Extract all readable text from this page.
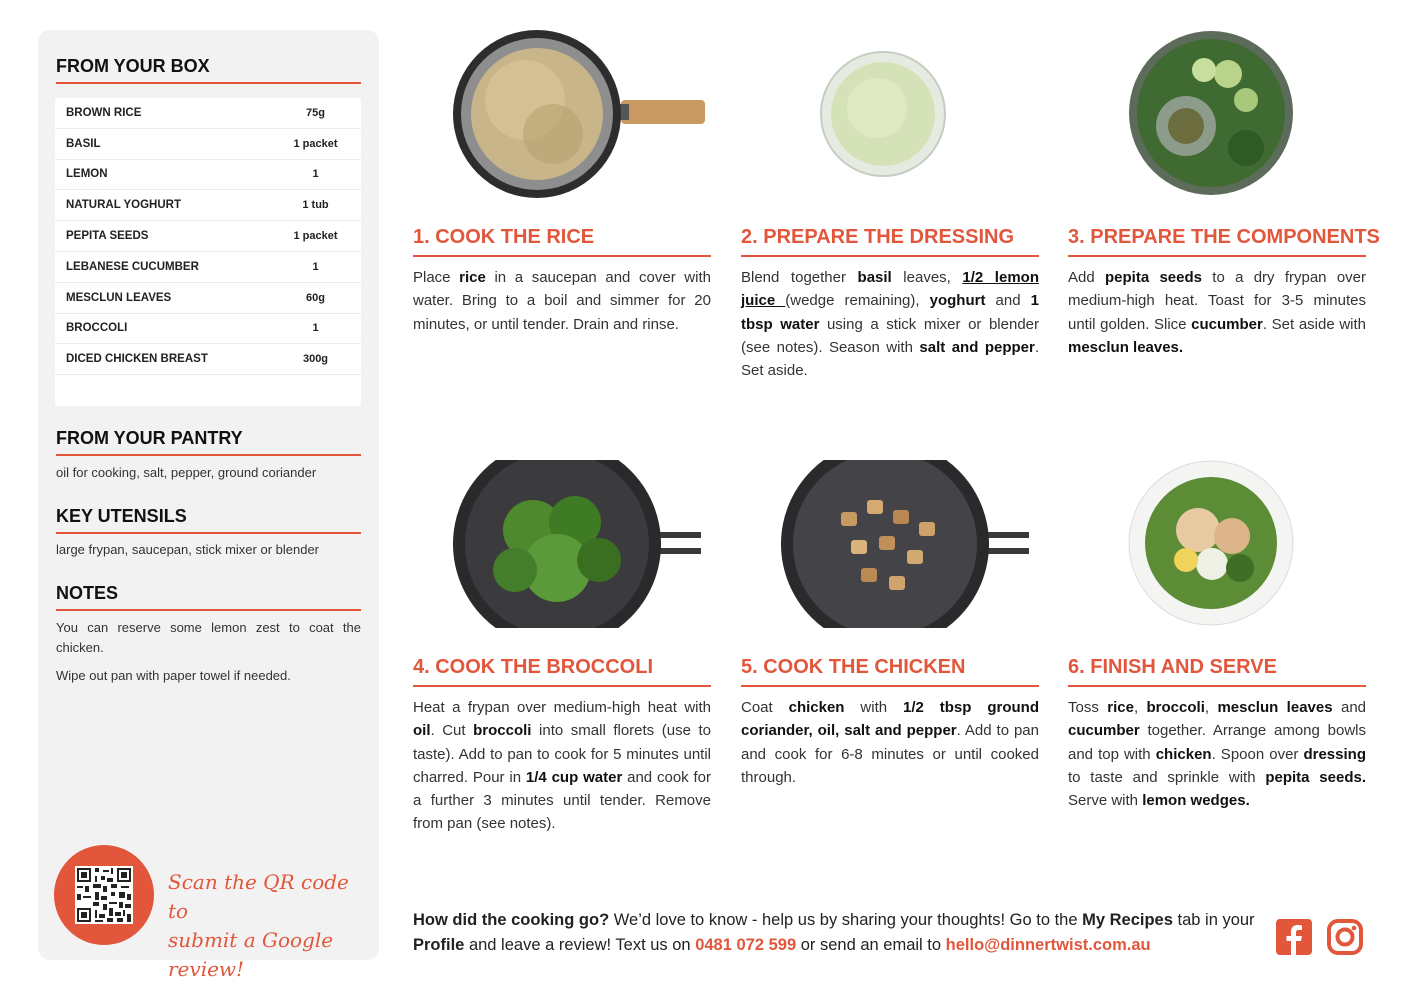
FROM YOUR BOX
BROWN RICE	75g
BASIL	1 packet
LEMON	1
NATURAL YOGHURT	1 tub
PEPITA SEEDS	1 packet
LEBANESE CUCUMBER	1
MESCLUN LEAVES	60g
BROCCOLI	1
DICED CHICKEN BREAST	300g
FROM YOUR PANTRY
oil for cooking, salt, pepper, ground coriander
KEY UTENSILS
large frypan, saucepan, stick mixer or blender
NOTES
You can reserve some lemon zest to coat the chicken.
Wipe out pan with paper towel if needed.
Scan the QR code to
submit a Google review!
1. COOK THE RICE
Place rice in a saucepan and cover with water. Bring to a boil and simmer for 20 minutes, or until tender. Drain and rinse.
2. PREPARE THE DRESSING
Blend together basil leaves, 1/2 lemon juice (wedge remaining), yoghurt and 1 tbsp water using a stick mixer or blender (see notes). Season with salt and pepper. Set aside.
3. PREPARE THE COMPONENTS
Add pepita seeds to a dry frypan over medium-high heat. Toast for 3-5 minutes until golden. Slice cucumber. Set aside with mesclun leaves.
4. COOK THE BROCCOLI
Heat a frypan over medium-high heat with oil. Cut broccoli into small florets (use to taste). Add to pan to cook for 5 minutes until charred. Pour in 1/4 cup water and cook for a further 3 minutes until tender. Remove from pan (see notes).
5. COOK THE CHICKEN
Coat chicken with 1/2 tbsp ground coriander, oil, salt and pepper. Add to pan and cook for 6-8 minutes or until cooked through.
6. FINISH AND SERVE
Toss rice, broccoli, mesclun leaves and cucumber together. Arrange among bowls and top with chicken. Spoon over dressing to taste and sprinkle with pepita seeds. Serve with lemon wedges.
How did the cooking go? We’d love to know - help us by sharing your thoughts! Go to the My Recipes tab in your Profile and leave a review! Text us on 0481 072 599 or send an email to hello@dinnertwist.com.au
